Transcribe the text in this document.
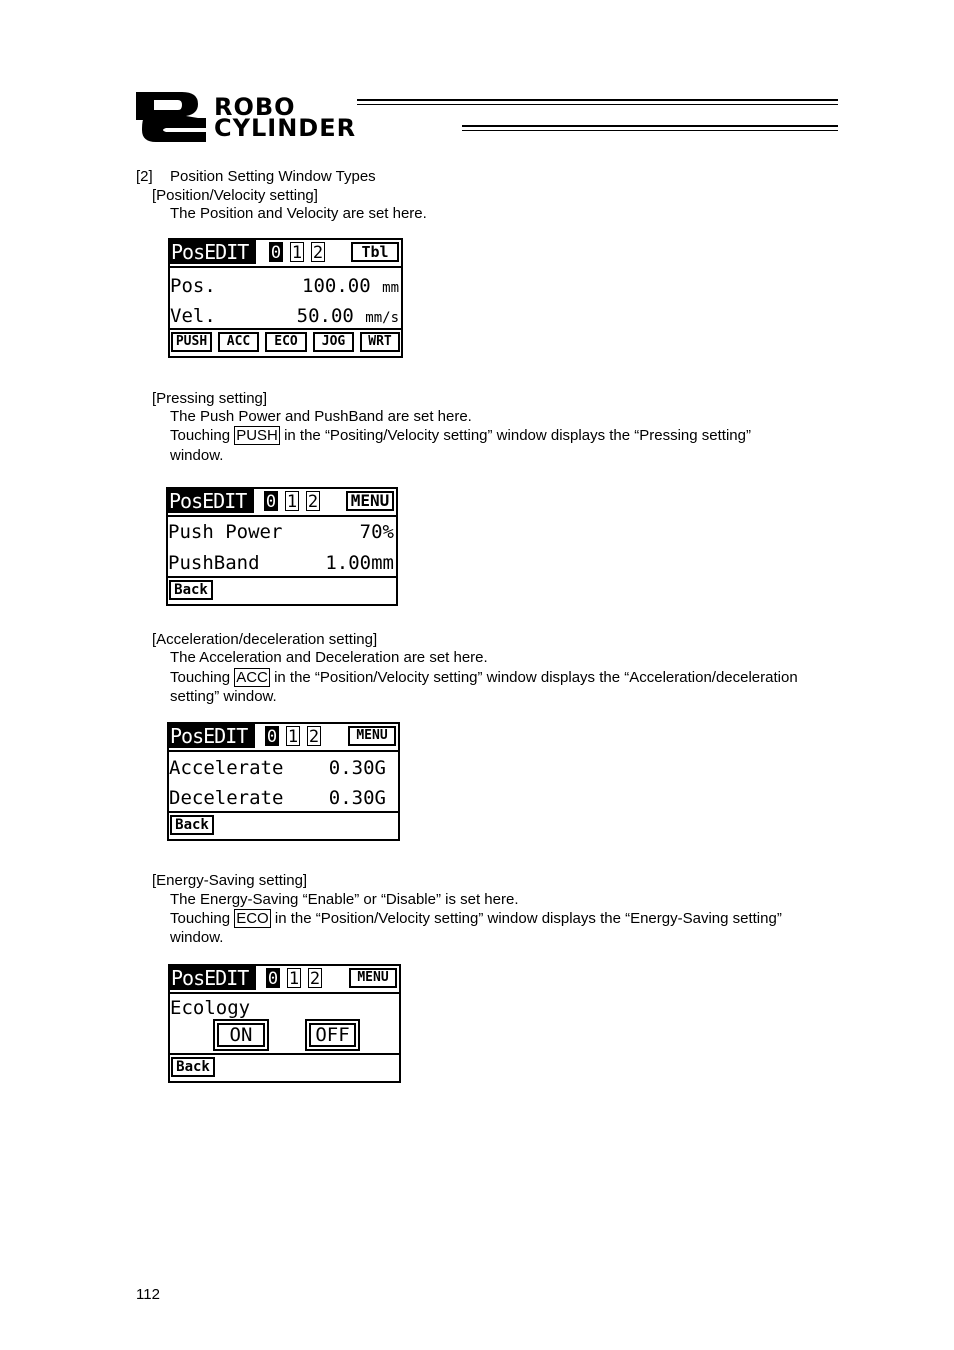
ROBO
CYLINDER
[2] Position Setting Window Types
[Position/Velocity setting]
The Position and Velocity are set here.
PosEDIT	0 1 2	Tbl
Pos.	100.00 mm
Vel.	50.00 mm/s
PUSH	ACC	ECO	JOG	WRT
[Pressing setting]
The Push Power and PushBand are set here.
Touching PUSH in the “Positing/Velocity setting” window displays the “Pressing setting”
window.
PosEDIT	0 1 2 MENU
Push Power	70%
PushBand	1.00mm
Back
[Acceleration/deceleration setting]
The Acceleration and Deceleration are set here.
Touching ACC in the “Position/Velocity setting” window displays the “Acceleration/deceleration
setting” window.
PosEDIT	0 1 2	MENU
Accelerate 0.30G
Decelerate 0.30G
Back
[Energy-Saving setting]
The Energy-Saving “Enable” or “Disable” is set here.
Touching ECO in the “Position/Velocity setting” window displays the “Energy-Saving setting”
window.
PosEDIT	0 1 2	MENU
Ecology
ON	OFF
Back
112
